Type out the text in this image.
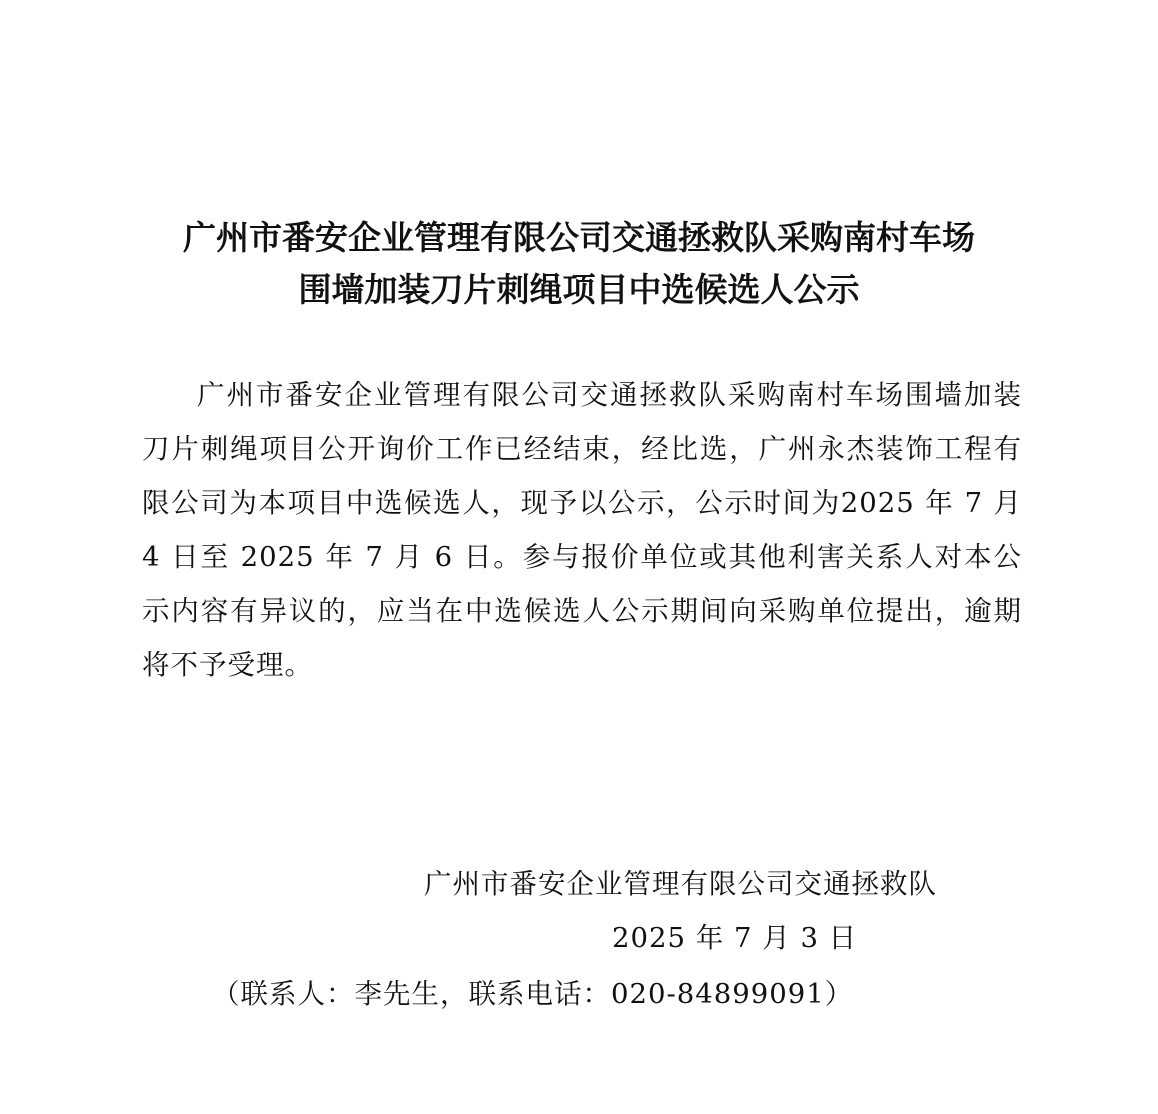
广州市番安企业管理有限公司交通拯救队采购南村车场
围墙加装刀片刺绳项目中选候选人公示

广州市番安企业管理有限公司交通拯救队采购南村车场围墙加装刀片刺绳项目公开询价工作已经结束，经比选，广州永杰装饰工程有限公司为本项目中选候选人，现予以公示，公示时间为2025 年 7 月 4 日至 2025 年 7 月 6 日。参与报价单位或其他利害关系人对本公示内容有异议的，应当在中选候选人公示期间向采购单位提出，逾期将不予受理。

广州市番安企业管理有限公司交通拯救队

2025 年 7 月 3 日

（联系人：李先生，联系电话：020-84899091）
